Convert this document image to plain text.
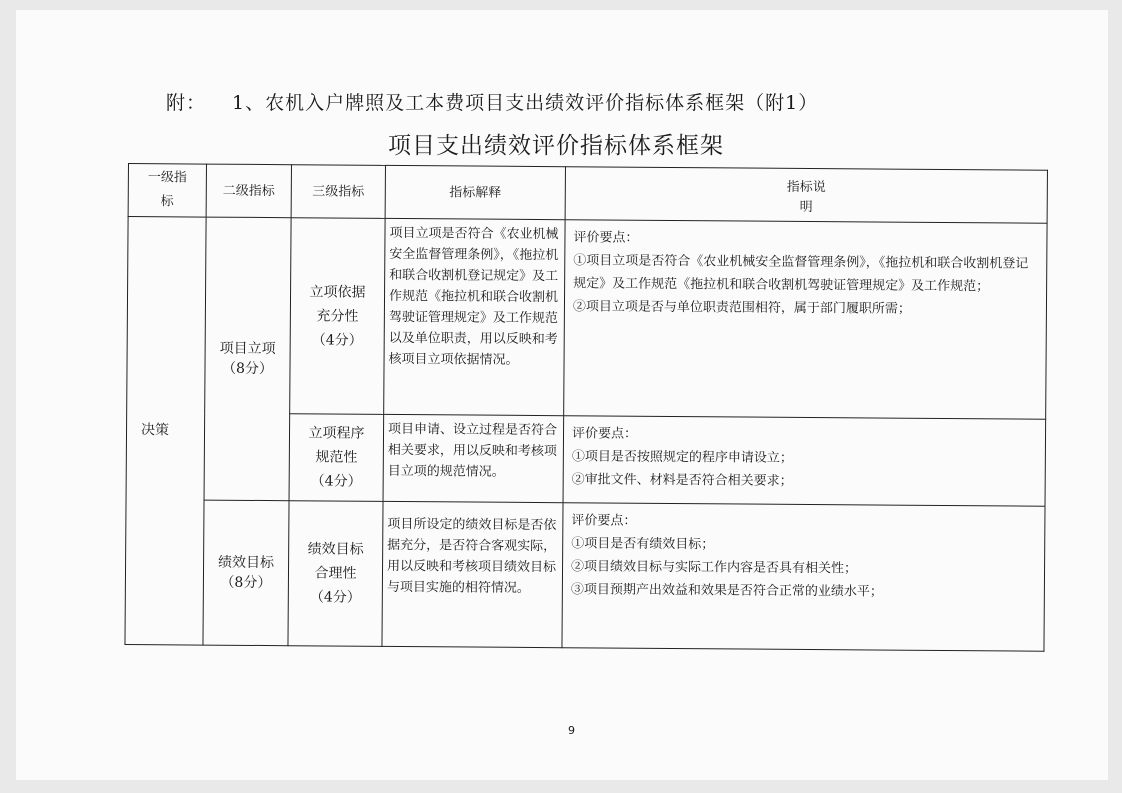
附： 1、农机入户牌照及工本费项目支出绩效评价指标体系框架（附1）
项目支出绩效评价指标体系框架
一级指标	二级指标	三级指标	指标解释	指标说明

决策	项目立项（8分）	立项依据充分性（4分）	项目立项是否符合《农业机械安全监督管理条例》，《拖拉机和联合收割机登记规定》及工作规范《拖拉机和联合收割机驾驶证管理规定》及工作规范以及单位职责，用以反映和考核项目立项依据情况。	评价要点：
①项目立项是否符合《农业机械安全监督管理条例》，《拖拉机和联合收割机登记规定》及工作规范《拖拉机和联合收割机驾驶证管理规定》及工作规范；
②项目立项是否与单位职责范围相符，属于部门履职所需；

		立项程序规范性（4分）	项目申请、设立过程是否符合相关要求，用以反映和考核项目立项的规范情况。	评价要点：
①项目是否按照规定的程序申请设立；
②审批文件、材料是否符合相关要求；

	绩效目标（8分）	绩效目标合理性（4分）	项目所设定的绩效目标是否依据充分，是否符合客观实际，用以反映和考核项目绩效目标与项目实施的相符情况。	评价要点：
①项目是否有绩效目标；
②项目绩效目标与实际工作内容是否具有相关性；
③项目预期产出效益和效果是否符合正常的业绩水平；
9
